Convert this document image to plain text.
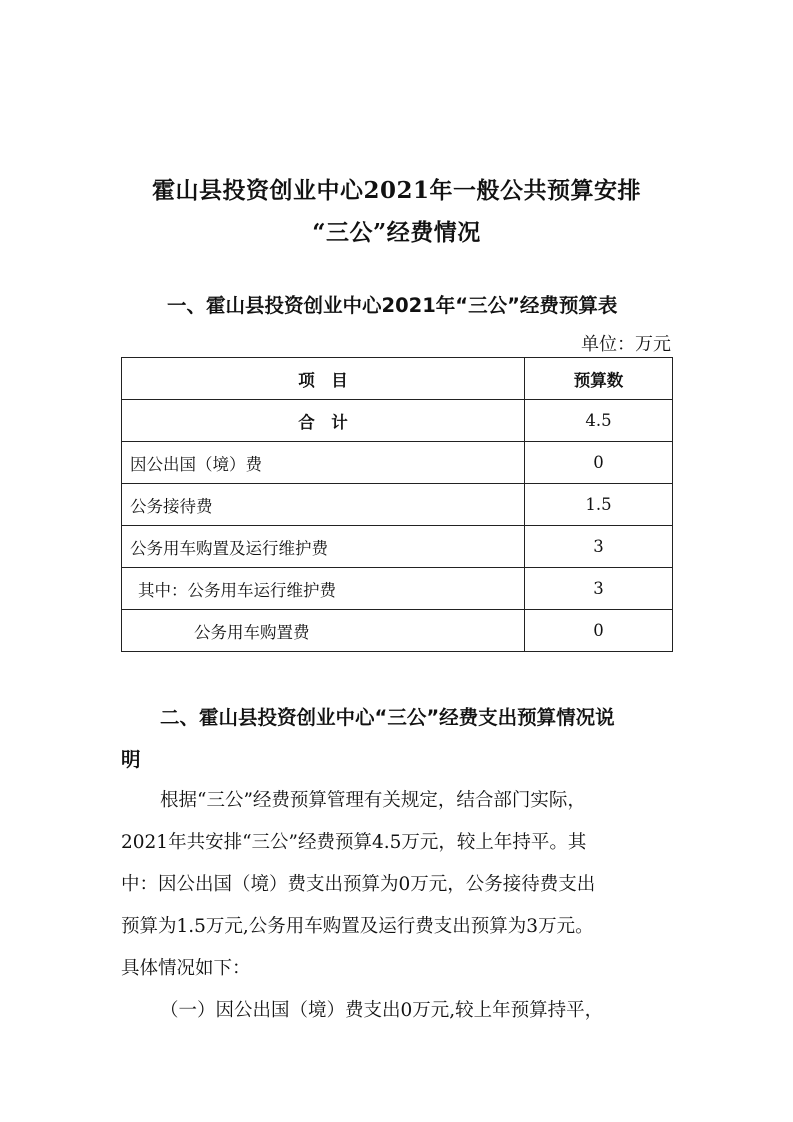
霍山县投资创业中心2021年一般公共预算安排
“三公”经费情况
一、霍山县投资创业中心2021年“三公”经费预算表
单位：万元
项　目	预算数
合　计	4.5
因公出国（境）费	0
公务接待费	1.5
公务用车购置及运行维护费	3
其中：公务用车运行维护费	3
公务用车购置费	0
二、霍山县投资创业中心“三公”经费支出预算情况说
明
根据“三公”经费预算管理有关规定，结合部门实际，
2021年共安排“三公”经费预算4.5万元，较上年持平。其
中：因公出国（境）费支出预算为0万元，公务接待费支出
预算为1.5万元,公务用车购置及运行费支出预算为3万元。
具体情况如下：
（一）因公出国（境）费支出0万元,较上年预算持平，
